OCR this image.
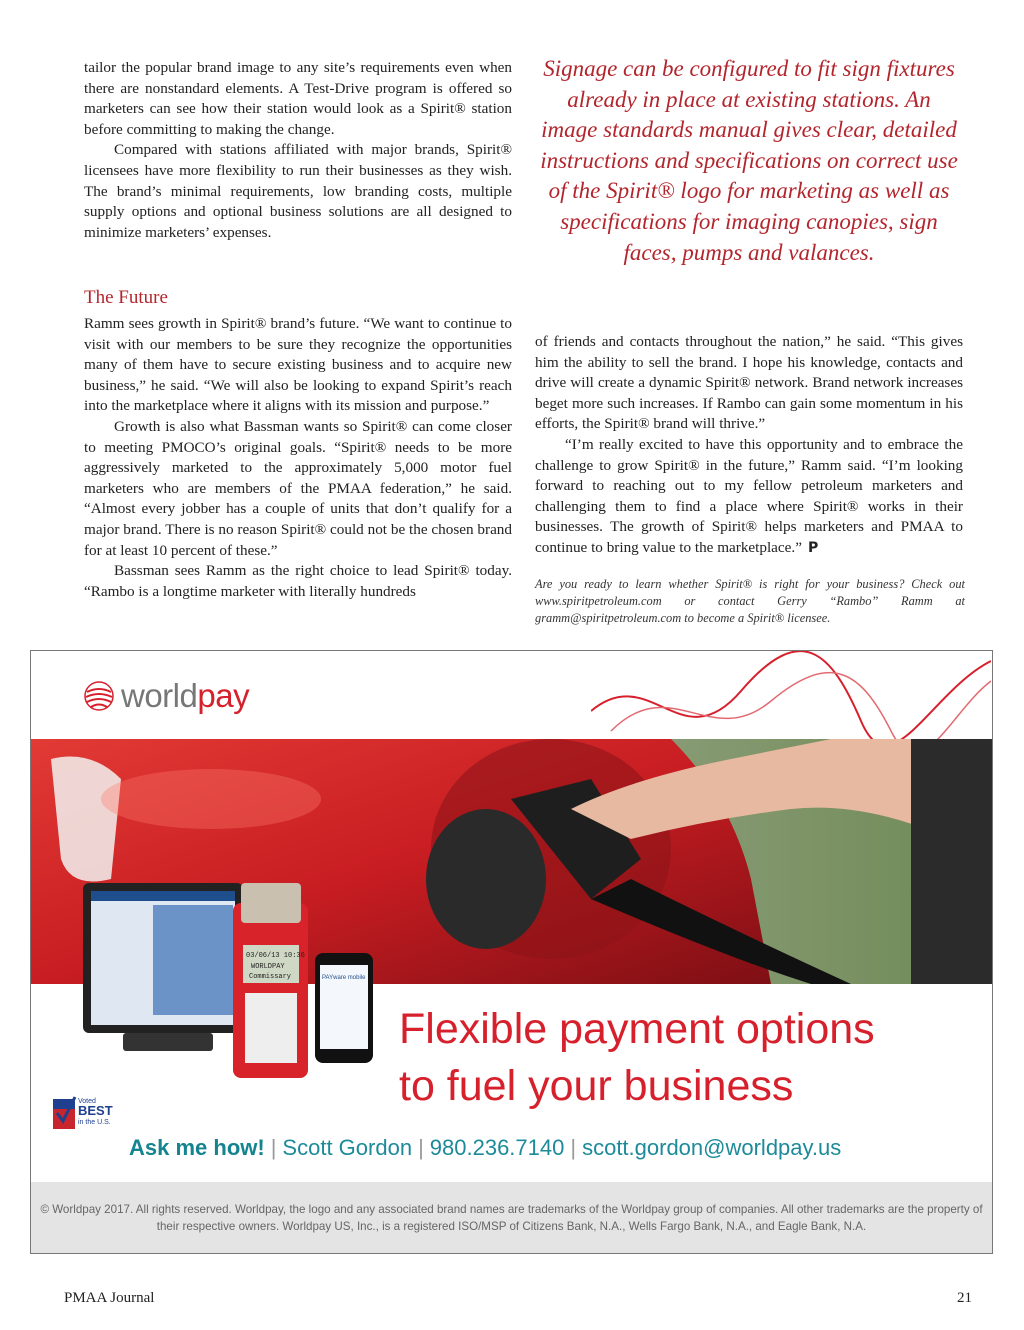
tailor the popular brand image to any site’s requirements even when there are nonstandard elements. A Test-Drive program is offered so marketers can see how their station would look as a Spirit® station before committing to making the change.

Compared with stations affiliated with major brands, Spirit® licensees have more flexibility to run their businesses as they wish. The brand’s minimal requirements, low branding costs, multiple supply options and optional business solutions are all designed to minimize marketers’ expenses.

The Future

Ramm sees growth in Spirit® brand’s future. “We want to continue to visit with our members to be sure they recognize the opportunities many of them have to secure existing business and to acquire new business,” he said. “We will also be looking to expand Spirit’s reach into the marketplace where it aligns with its mission and purpose.”

Growth is also what Bassman wants so Spirit® can come closer to meeting PMOCO’s original goals. “Spirit® needs to be more aggressively marketed to the approximately 5,000 motor fuel marketers who are members of the PMAA federation,” he said. “Almost every jobber has a couple of units that don’t qualify for a major brand. There is no reason Spirit® could not be the chosen brand for at least 10 percent of these.”

Bassman sees Ramm as the right choice to lead Spirit® today. “Rambo is a longtime marketer with literally hundreds

Signage can be configured to fit sign fixtures already in place at existing stations. An image standards manual gives clear, detailed instructions and specifications on correct use of the Spirit® logo for marketing as well as specifications for imaging canopies, sign faces, pumps and valances.

of friends and contacts throughout the nation,” he said. “This gives him the ability to sell the brand. I hope his knowledge, contacts and drive will create a dynamic Spirit® network. Brand network increases beget more such increases. If Rambo can gain some momentum in his efforts, the Spirit® brand will thrive.”

“I’m really excited to have this opportunity and to embrace the challenge to grow Spirit® in the future,” Ramm said. “I’m looking forward to reaching out to my fellow petroleum marketers and challenging them to find a place where Spirit® works in their businesses. The growth of Spirit® helps marketers and PMAA to continue to bring value to the marketplace.” P

Are you ready to learn whether Spirit® is right for your business? Check out www.spiritpetroleum.com or contact Gerry “Rambo” Ramm at gramm@spiritpetroleum.com to become a Spirit® licensee.
worldpay
03/06/13 10:36
WORLDPAY
Commissary	PAYware mobile
Flexible payment options
to fuel your business
Voted
BEST
in the U.S.
Ask me how! | Scott Gordon | 980.236.7140 | scott.gordon@worldpay.us
© Worldpay 2017. All rights reserved. Worldpay, the logo and any associated brand names are trademarks of the Worldpay group of companies. All other trademarks are the property of their respective owners. Worldpay US, Inc., is a registered ISO/MSP of Citizens Bank, N.A., Wells Fargo Bank, N.A., and Eagle Bank, N.A.
PMAA Journal	21
